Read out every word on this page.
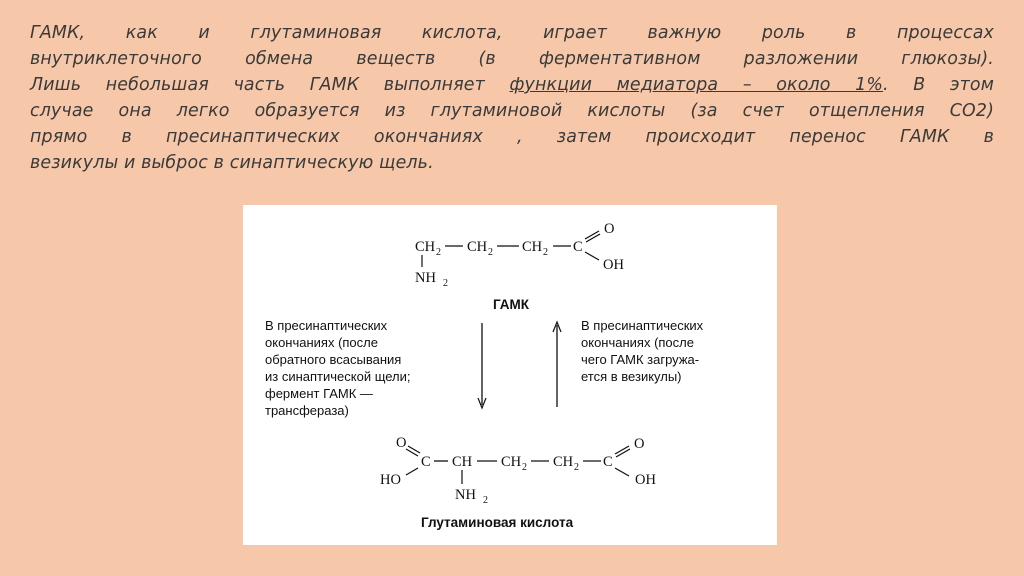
ГАМК, как и глутаминовая кислота, играет важную роль в процессах
внутриклеточного обмена веществ (в ферментативном разложении глюкозы).
Лишь небольшая часть ГАМК выполняет функции медиатора – около 1%. В этом
случае она легко образуется из глутаминовой кислоты (за счет отщепления СО2)
прямо в пресинаптических окончаниях , затем происходит перенос ГАМК в
везикулы и выброс в синаптическую щель.
CH 2 CH 2 CH 2 C
O
OH
NH 2
ГАМК
В пресинаптических
окончаниях (после
обратного всасывания
из синаптической щели;
фермент ГАМК —
трансфераза)
В пресинаптических
окончаниях (после
чего ГАМК загружа-
ется в везикулы)
O
C
HO
CH CH 2 CH 2 C
O
OH
NH 2
Глутаминовая кислота
